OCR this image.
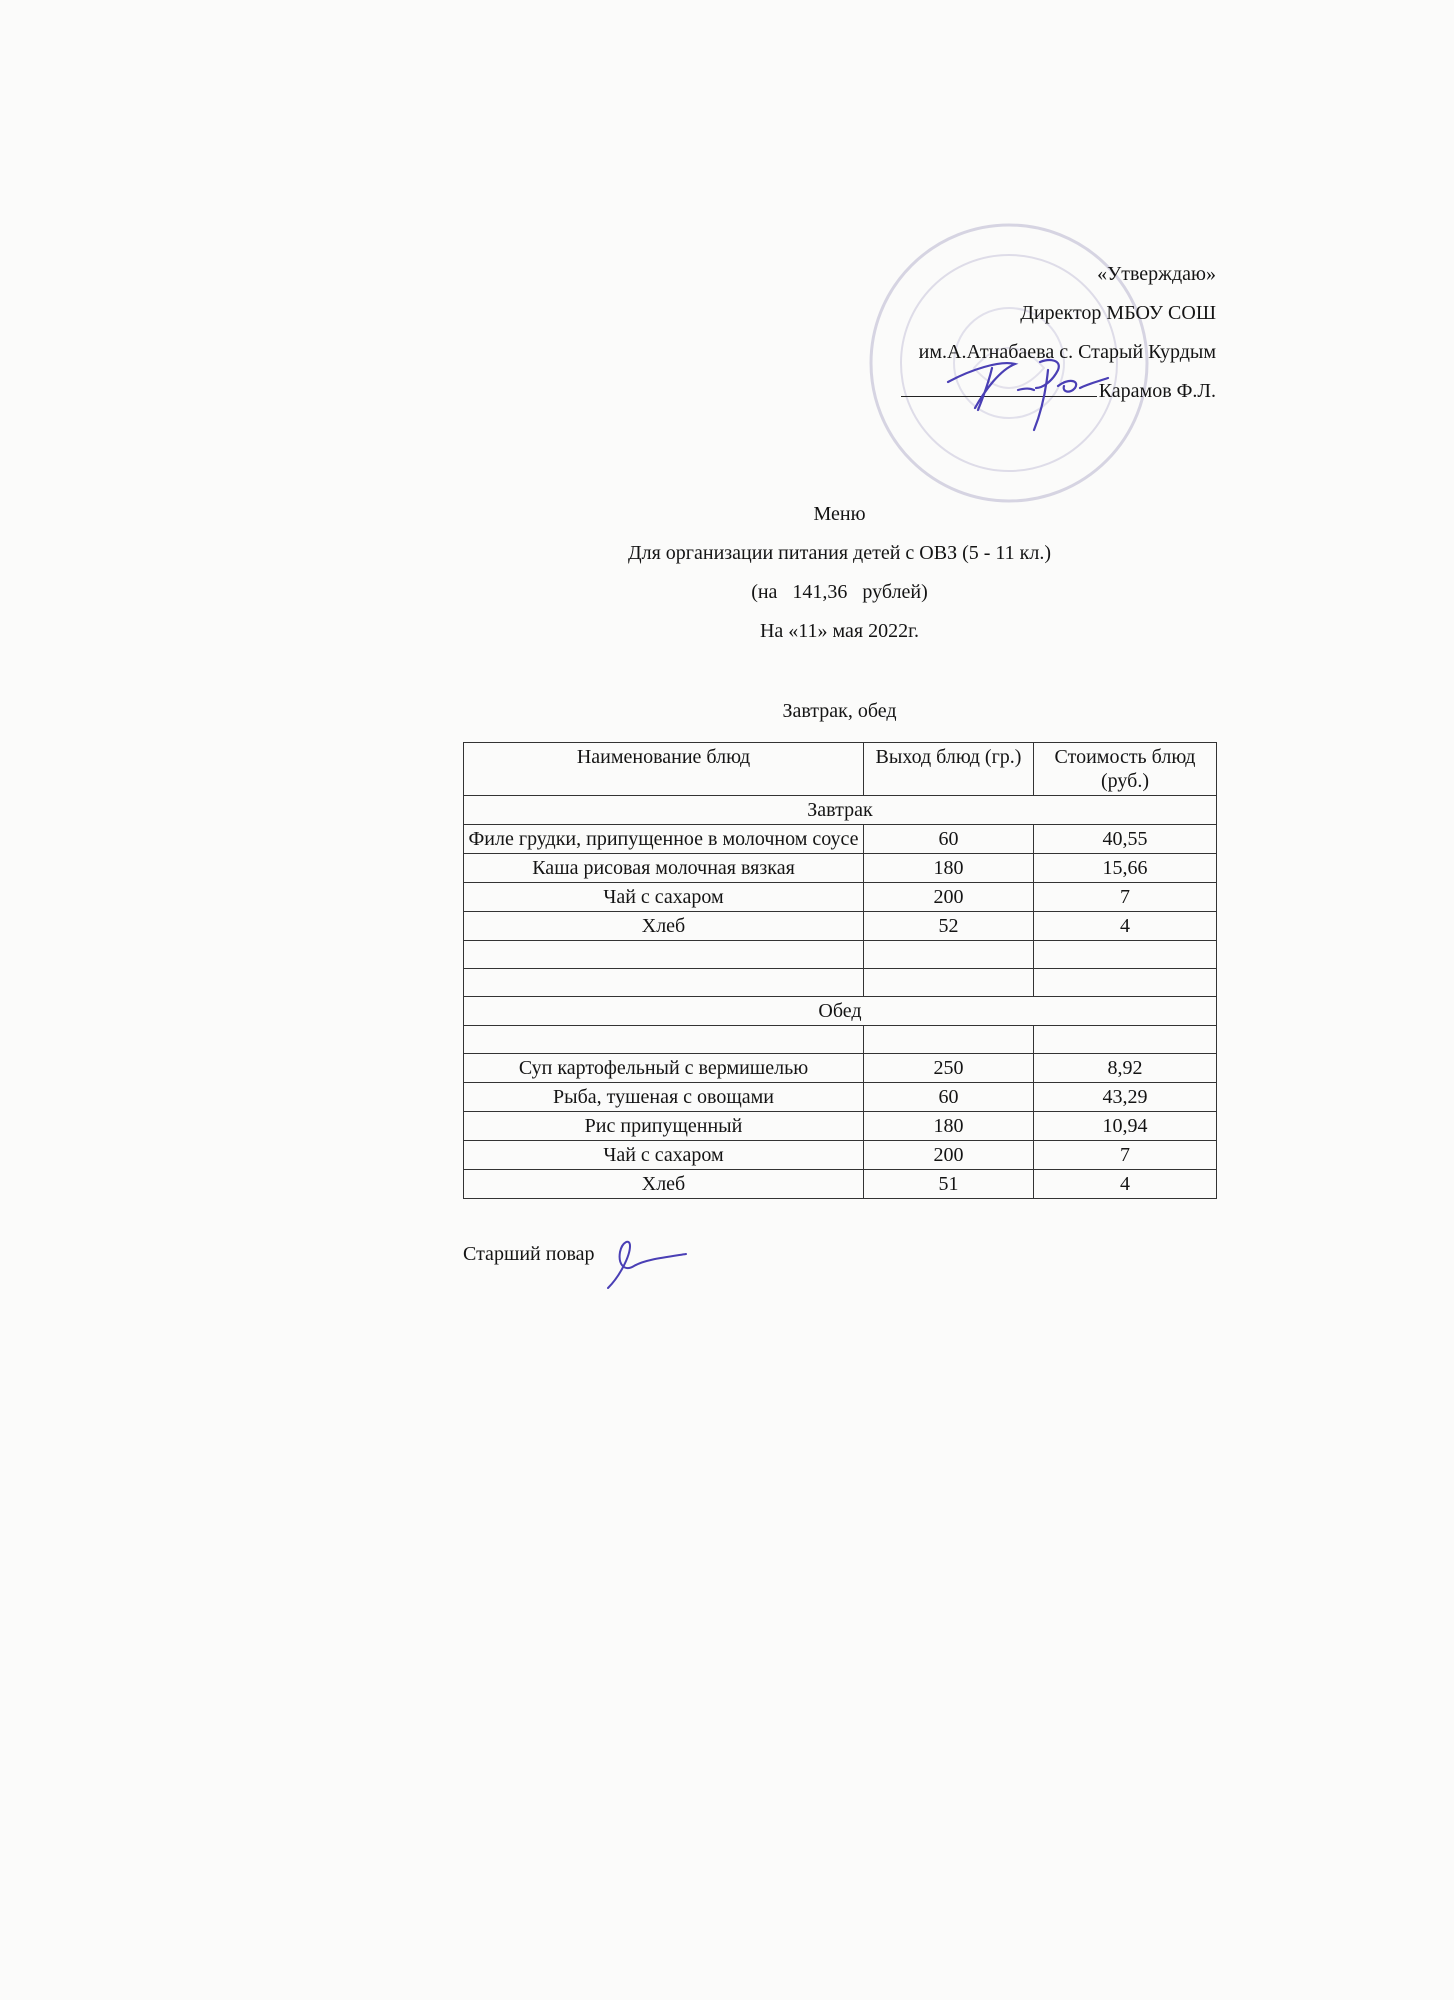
«Утверждаю»
Директор МБОУ СОШ
им.А.Атнабаева с. Старый Курдым
Карамов Ф.Л.
Меню
Для организации питания детей с ОВЗ (5 - 11 кл.)
(на   141,36   рублей)
На «11» мая 2022г.
Завтрак, обед
Наименование блюд	Выход блюд (гр.)	Стоимость блюд (руб.)
Завтрак		
Филе грудки, припущенное в молочном соусе	60	40,55
Каша рисовая молочная вязкая	180	15,66
Чай с сахаром	200	7
Хлеб	52	4

Обед		

Суп картофельный с вермишелью	250	8,92
Рыба, тушеная с овощами	60	43,29
Рис припущенный	180	10,94
Чай с сахаром	200	7
Хлеб	51	4
Старший повар
